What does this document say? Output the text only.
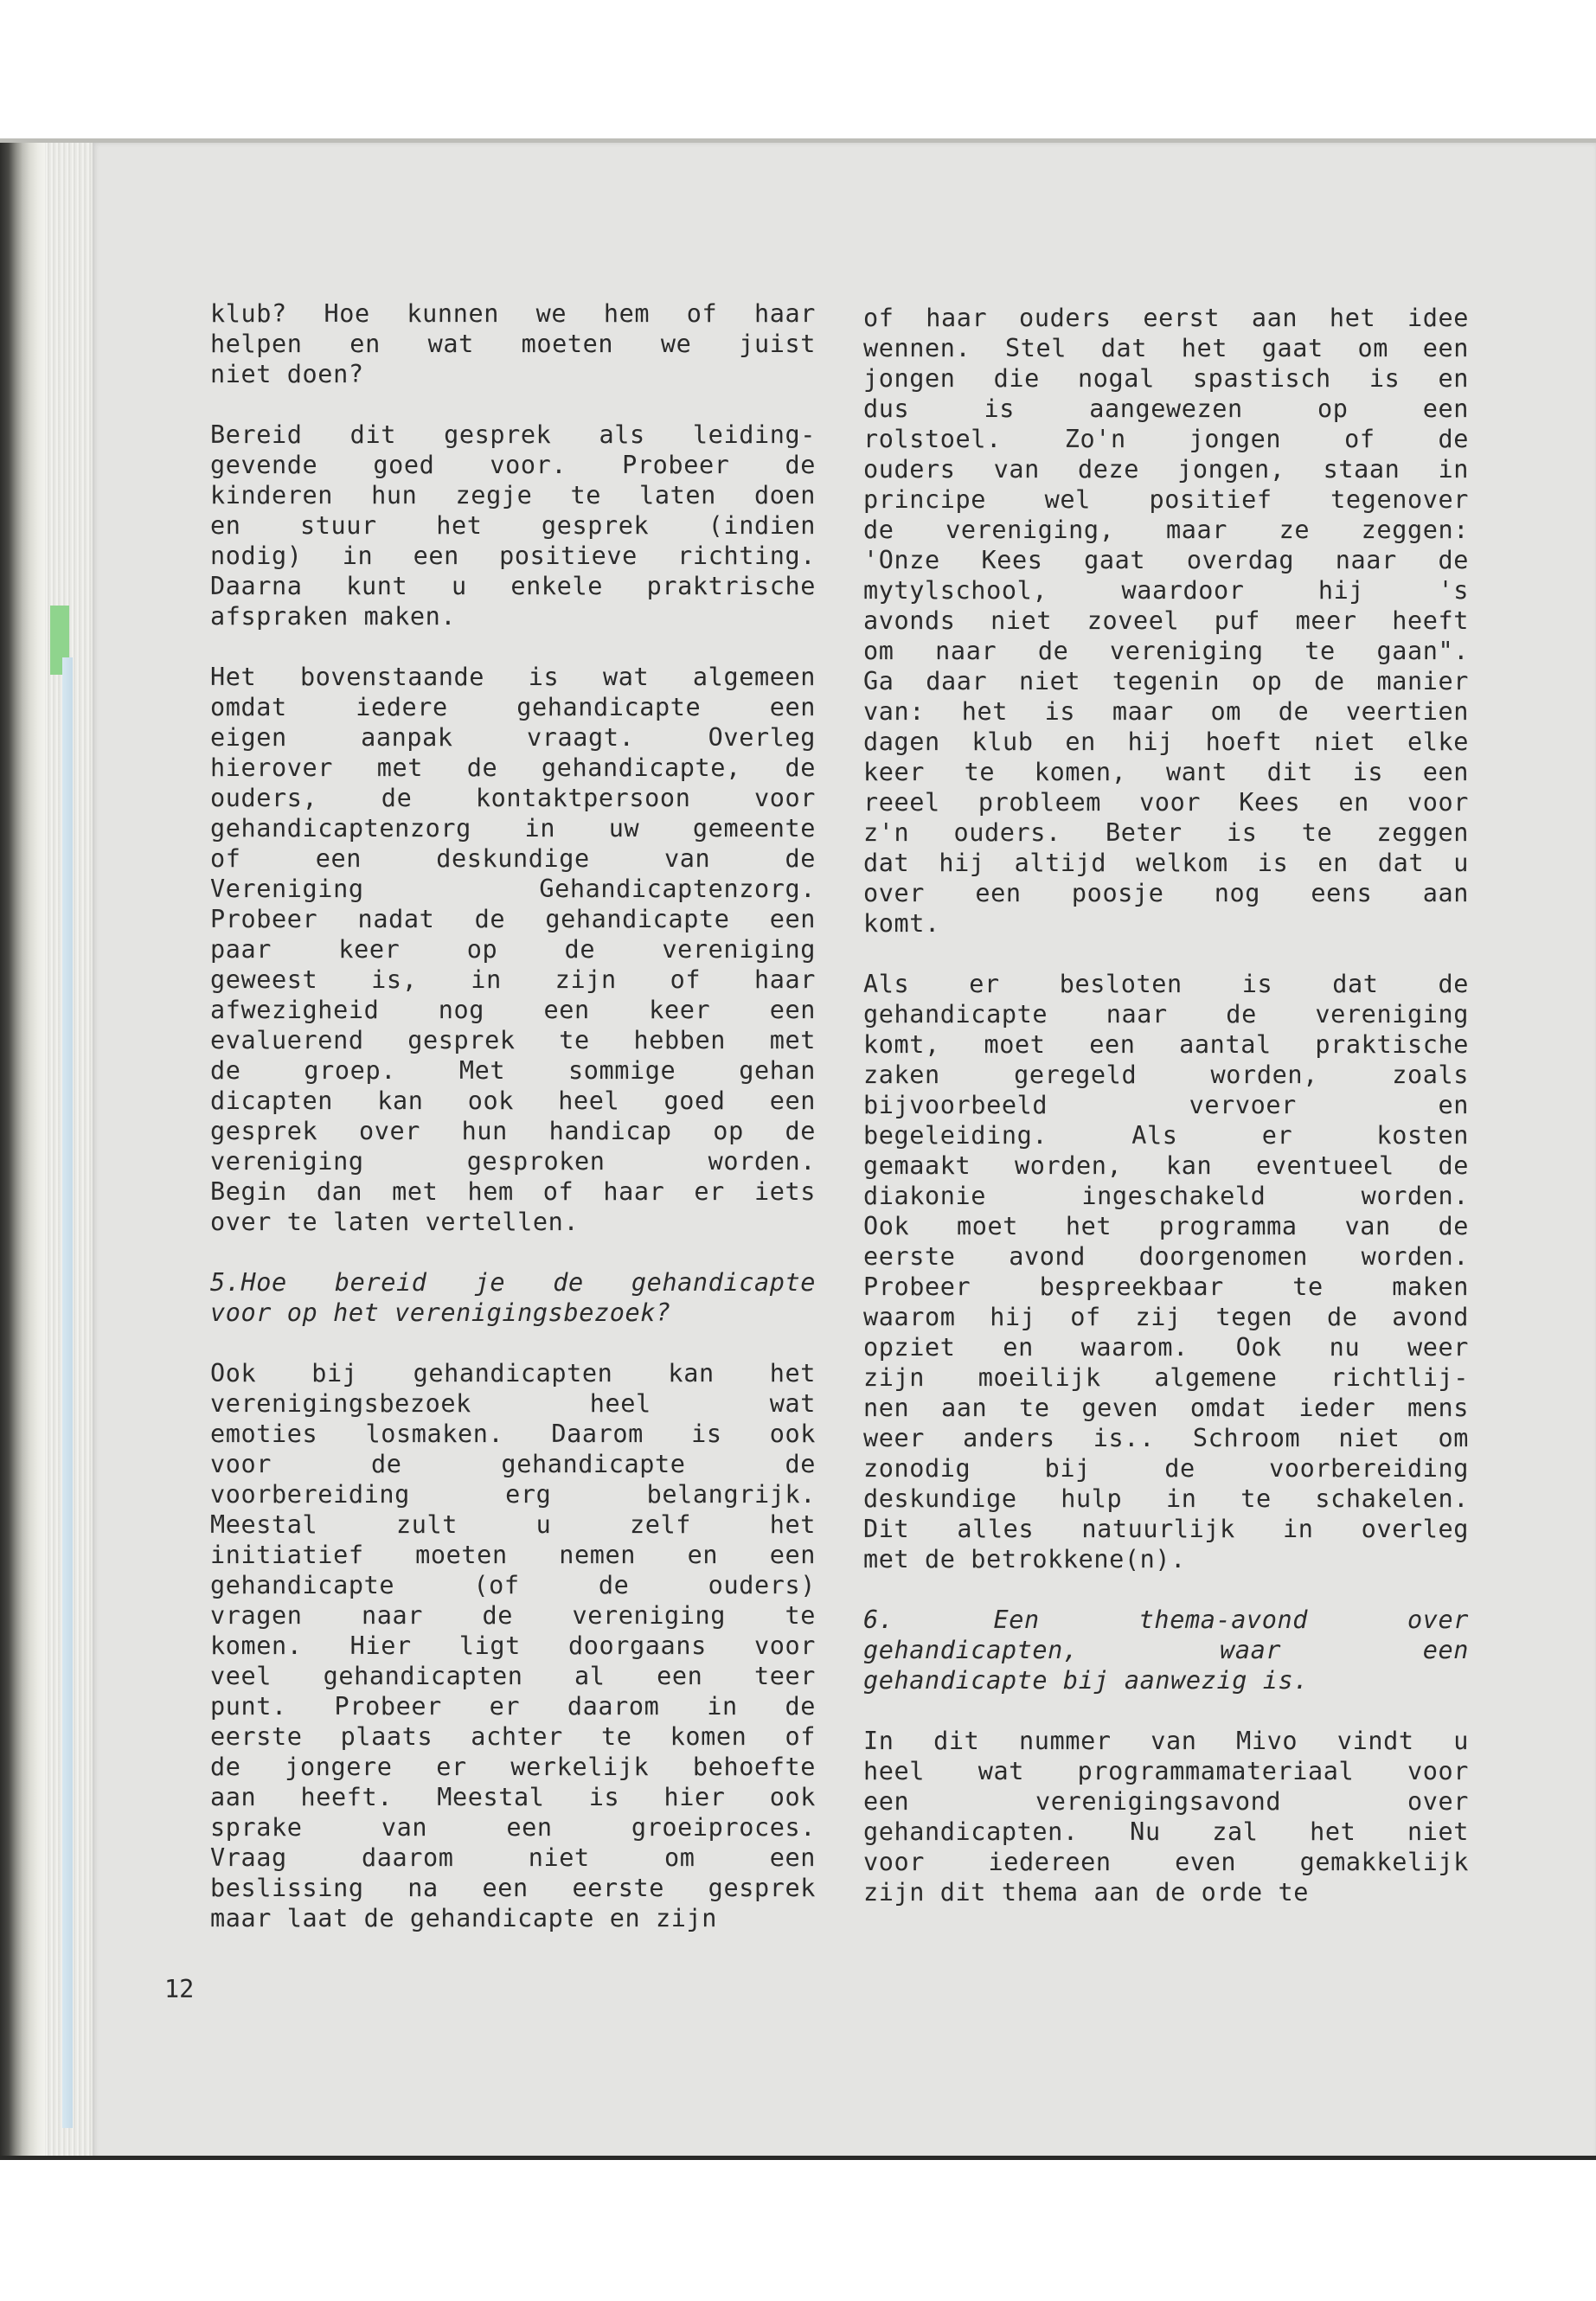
klub? Hoe kunnen we hem of haar
helpen en wat moeten we juist
niet doen?
Bereid dit gesprek als leiding-
gevende goed voor. Probeer de
kinderen hun zegje te laten doen
en stuur het gesprek (indien
nodig) in een positieve richting.
Daarna kunt u enkele praktrische
afspraken maken.
Het bovenstaande is wat algemeen
omdat iedere gehandicapte een
eigen aanpak vraagt. Overleg
hierover met de gehandicapte, de
ouders, de kontaktpersoon voor
gehandicaptenzorg in uw gemeente
of een deskundige van de
Vereniging Gehandicaptenzorg.
Probeer nadat de gehandicapte een
paar keer op de vereniging
geweest is, in zijn of haar
afwezigheid nog een keer een
evaluerend gesprek te hebben met
de groep. Met sommige gehan
dicapten kan ook heel goed een
gesprek over hun handicap op de
vereniging gesproken worden.
Begin dan met hem of haar er iets
over te laten vertellen.
5.Hoe bereid je de gehandicapte
voor op het verenigingsbezoek?
Ook bij gehandicapten kan het
verenigingsbezoek heel wat
emoties losmaken. Daarom is ook
voor de gehandicapte de
voorbereiding erg belangrijk.
Meestal zult u zelf het
initiatief moeten nemen en een
gehandicapte (of de ouders)
vragen naar de vereniging te
komen. Hier ligt doorgaans voor
veel gehandicapten al een teer
punt. Probeer er daarom in de
eerste plaats achter te komen of
de jongere er werkelijk behoefte
aan heeft. Meestal is hier ook
sprake van een groeiproces.
Vraag daarom niet om een
beslissing na een eerste gesprek
maar laat de gehandicapte en zijn
of haar ouders eerst aan het idee
wennen. Stel dat het gaat om een
jongen die nogal spastisch is en
dus is aangewezen op een
rolstoel. Zo'n jongen of de
ouders van deze jongen, staan in
principe wel positief tegenover
de vereniging, maar ze zeggen:
'Onze Kees gaat overdag naar de
mytylschool, waardoor hij 's
avonds niet zoveel puf meer heeft
om naar de vereniging te gaan".
Ga daar niet tegenin op de manier
van: het is maar om de veertien
dagen klub en hij hoeft niet elke
keer te komen, want dit is een
reeel probleem voor Kees en voor
z'n ouders. Beter is te zeggen
dat hij altijd welkom is en dat u
over een poosje nog eens aan
komt.
Als er besloten is dat de
gehandicapte naar de vereniging
komt, moet een aantal praktische
zaken geregeld worden, zoals
bijvoorbeeld vervoer en
begeleiding. Als er kosten
gemaakt worden, kan eventueel de
diakonie ingeschakeld worden.
Ook moet het programma van de
eerste avond doorgenomen worden.
Probeer bespreekbaar te maken
waarom hij of zij tegen de avond
opziet en waarom. Ook nu weer
zijn moeilijk algemene richtlij-
nen aan te geven omdat ieder mens
weer anders is.. Schroom niet om
zonodig bij de voorbereiding
deskundige hulp in te schakelen.
Dit alles natuurlijk in overleg
met de betrokkene(n).
6. Een thema-avond over
gehandicapten, waar een
gehandicapte bij aanwezig is.
In dit nummer van Mivo vindt u
heel wat programmamateriaal voor
een verenigingsavond over
gehandicapten. Nu zal het niet
voor iedereen even gemakkelijk
zijn dit thema aan de orde te
12
